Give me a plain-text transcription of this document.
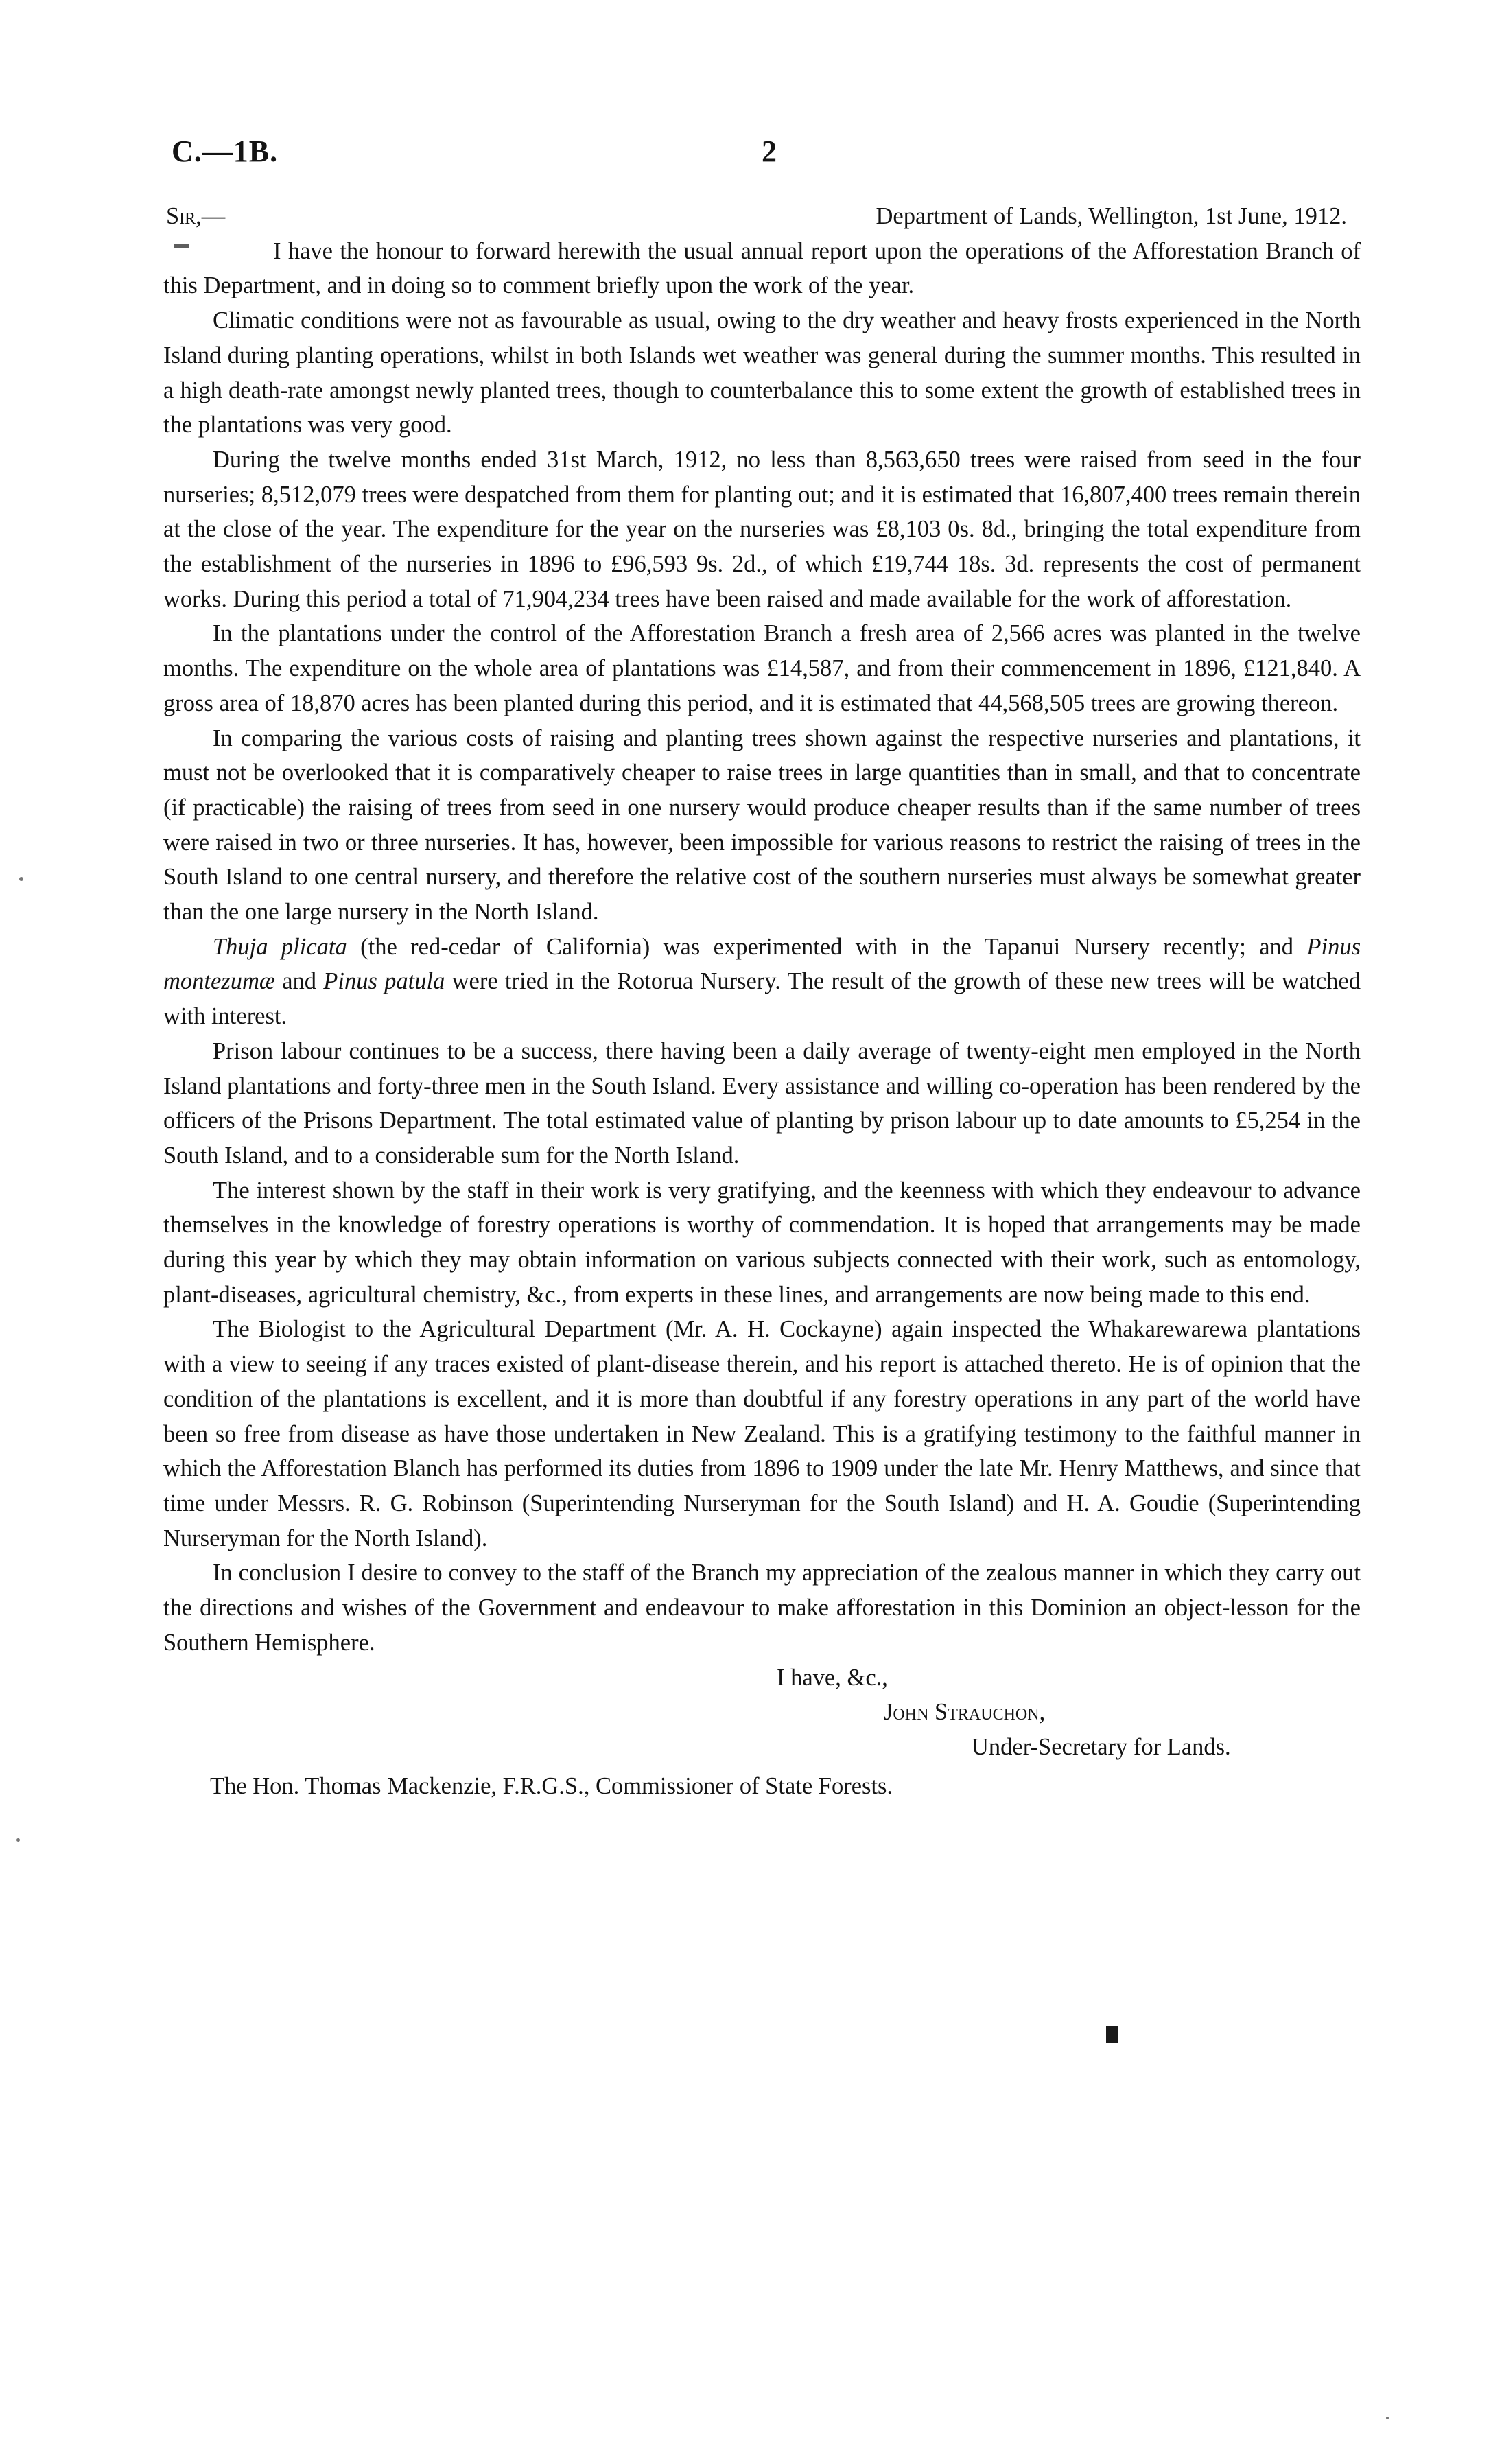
C.—1B.	2
Sir,—	Department of Lands, Wellington, 1st June, 1912.

I have the honour to forward herewith the usual annual report upon the operations of the Afforestation Branch of this Department, and in doing so to comment briefly upon the work of the year.

Climatic conditions were not as favourable as usual, owing to the dry weather and heavy frosts experienced in the North Island during planting operations, whilst in both Islands wet weather was general during the summer months. This resulted in a high death-rate amongst newly planted trees, though to counterbalance this to some extent the growth of established trees in the plantations was very good.

During the twelve months ended 31st March, 1912, no less than 8,563,650 trees were raised from seed in the four nurseries; 8,512,079 trees were despatched from them for planting out; and it is estimated that 16,807,400 trees remain therein at the close of the year. The expenditure for the year on the nurseries was £8,103 0s. 8d., bringing the total expenditure from the establishment of the nurseries in 1896 to £96,593 9s. 2d., of which £19,744 18s. 3d. represents the cost of permanent works. During this period a total of 71,904,234 trees have been raised and made available for the work of afforestation.

In the plantations under the control of the Afforestation Branch a fresh area of 2,566 acres was planted in the twelve months. The expenditure on the whole area of plantations was £14,587, and from their commencement in 1896, £121,840. A gross area of 18,870 acres has been planted during this period, and it is estimated that 44,568,505 trees are growing thereon.

In comparing the various costs of raising and planting trees shown against the respective nurseries and plantations, it must not be overlooked that it is comparatively cheaper to raise trees in large quantities than in small, and that to concentrate (if practicable) the raising of trees from seed in one nursery would produce cheaper results than if the same number of trees were raised in two or three nurseries. It has, however, been impossible for various reasons to restrict the raising of trees in the South Island to one central nursery, and therefore the relative cost of the southern nurseries must always be somewhat greater than the one large nursery in the North Island.

Thuja plicata (the red-cedar of California) was experimented with in the Tapanui Nursery recently; and Pinus montezumæ and Pinus patula were tried in the Rotorua Nursery. The result of the growth of these new trees will be watched with interest.

Prison labour continues to be a success, there having been a daily average of twenty-eight men employed in the North Island plantations and forty-three men in the South Island. Every assistance and willing co-operation has been rendered by the officers of the Prisons Department. The total estimated value of planting by prison labour up to date amounts to £5,254 in the South Island, and to a considerable sum for the North Island.

The interest shown by the staff in their work is very gratifying, and the keenness with which they endeavour to advance themselves in the knowledge of forestry operations is worthy of commendation. It is hoped that arrangements may be made during this year by which they may obtain information on various subjects connected with their work, such as entomology, plant-diseases, agricultural chemistry, &c., from experts in these lines, and arrangements are now being made to this end.

The Biologist to the Agricultural Department (Mr. A. H. Cockayne) again inspected the Whakarewarewa plantations with a view to seeing if any traces existed of plant-disease therein, and his report is attached thereto. He is of opinion that the condition of the plantations is excellent, and it is more than doubtful if any forestry operations in any part of the world have been so free from disease as have those undertaken in New Zealand. This is a gratifying testimony to the faithful manner in which the Afforestation Blanch has performed its duties from 1896 to 1909 under the late Mr. Henry Matthews, and since that time under Messrs. R. G. Robinson (Superintending Nurseryman for the South Island) and H. A. Goudie (Superintending Nurseryman for the North Island).

In conclusion I desire to convey to the staff of the Branch my appreciation of the zealous manner in which they carry out the directions and wishes of the Government and endeavour to make afforestation in this Dominion an object-lesson for the Southern Hemisphere.

I have, &c.,
John Strauchon,
Under-Secretary for Lands.
The Hon. Thomas Mackenzie, F.R.G.S., Commissioner of State Forests.
